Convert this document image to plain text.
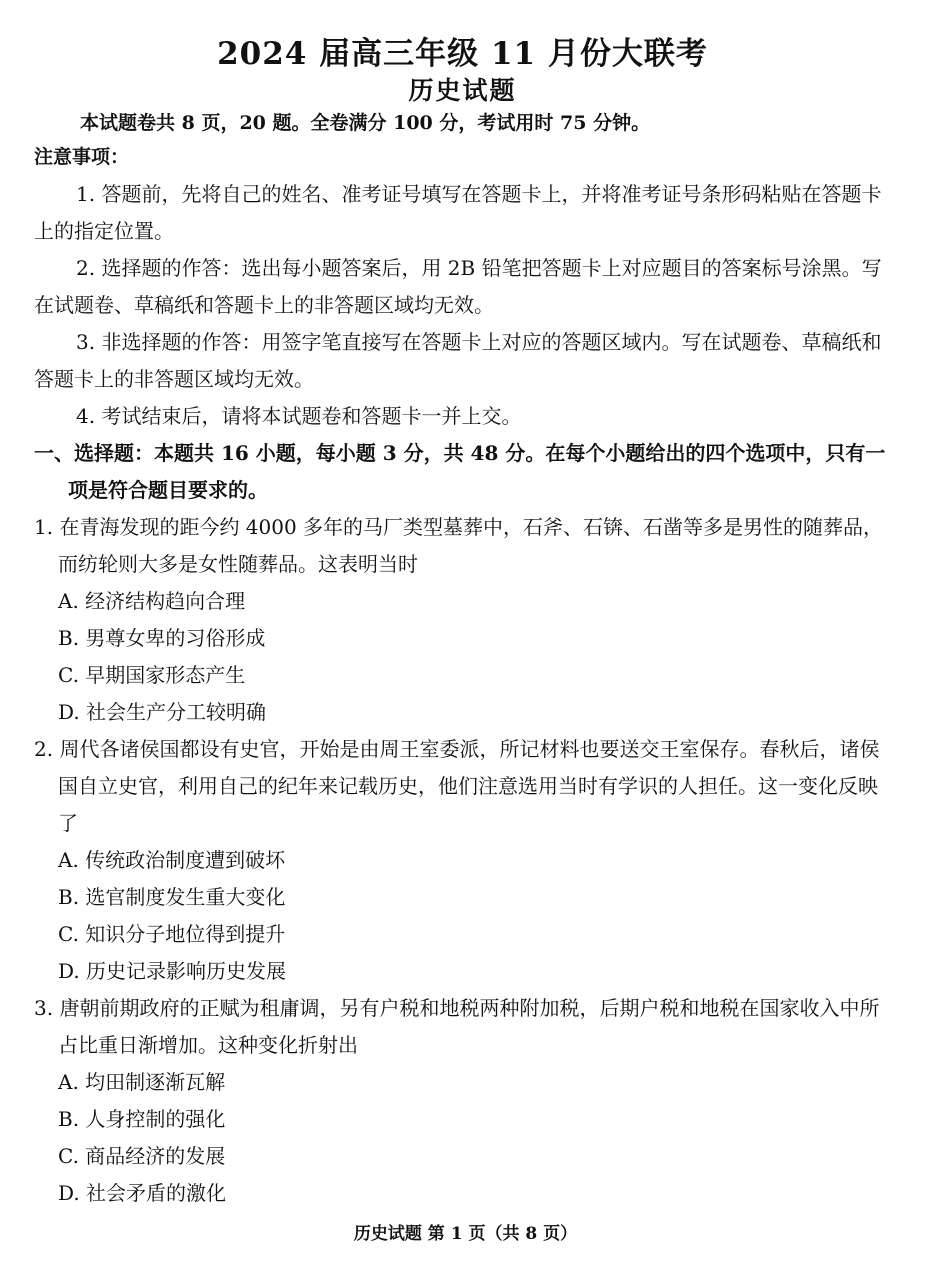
2024 届高三年级 11 月份大联考
历史试题

本试题卷共 8 页，20 题。全卷满分 100 分，考试用时 75 分钟。

注意事项：

1. 答题前，先将自己的姓名、准考证号填写在答题卡上，并将准考证号条形码粘贴在答题卡上的指定位置。

2. 选择题的作答：选出每小题答案后，用 2B 铅笔把答题卡上对应题目的答案标号涂黑。写在试题卷、草稿纸和答题卡上的非答题区域均无效。

3. 非选择题的作答：用签字笔直接写在答题卡上对应的答题区域内。写在试题卷、草稿纸和答题卡上的非答题区域均无效。

4. 考试结束后，请将本试题卷和答题卡一并上交。

一、选择题：本题共 16 小题，每小题 3 分，共 48 分。在每个小题给出的四个选项中，只有一项是符合题目要求的。

1. 在青海发现的距今约 4000 多年的马厂类型墓葬中，石斧、石锛、石凿等多是男性的随葬品，而纺轮则大多是女性随葬品。这表明当时

A. 经济结构趋向合理
B. 男尊女卑的习俗形成
C. 早期国家形态产生
D. 社会生产分工较明确

2. 周代各诸侯国都设有史官，开始是由周王室委派，所记材料也要送交王室保存。春秋后，诸侯国自立史官，利用自己的纪年来记载历史，他们注意选用当时有学识的人担任。这一变化反映了

A. 传统政治制度遭到破坏
B. 选官制度发生重大变化
C. 知识分子地位得到提升
D. 历史记录影响历史发展

3. 唐朝前期政府的正赋为租庸调，另有户税和地税两种附加税，后期户税和地税在国家收入中所占比重日渐增加。这种变化折射出

A. 均田制逐渐瓦解
B. 人身控制的强化
C. 商品经济的发展
D. 社会矛盾的激化
历史试题 第 1 页（共 8 页）
